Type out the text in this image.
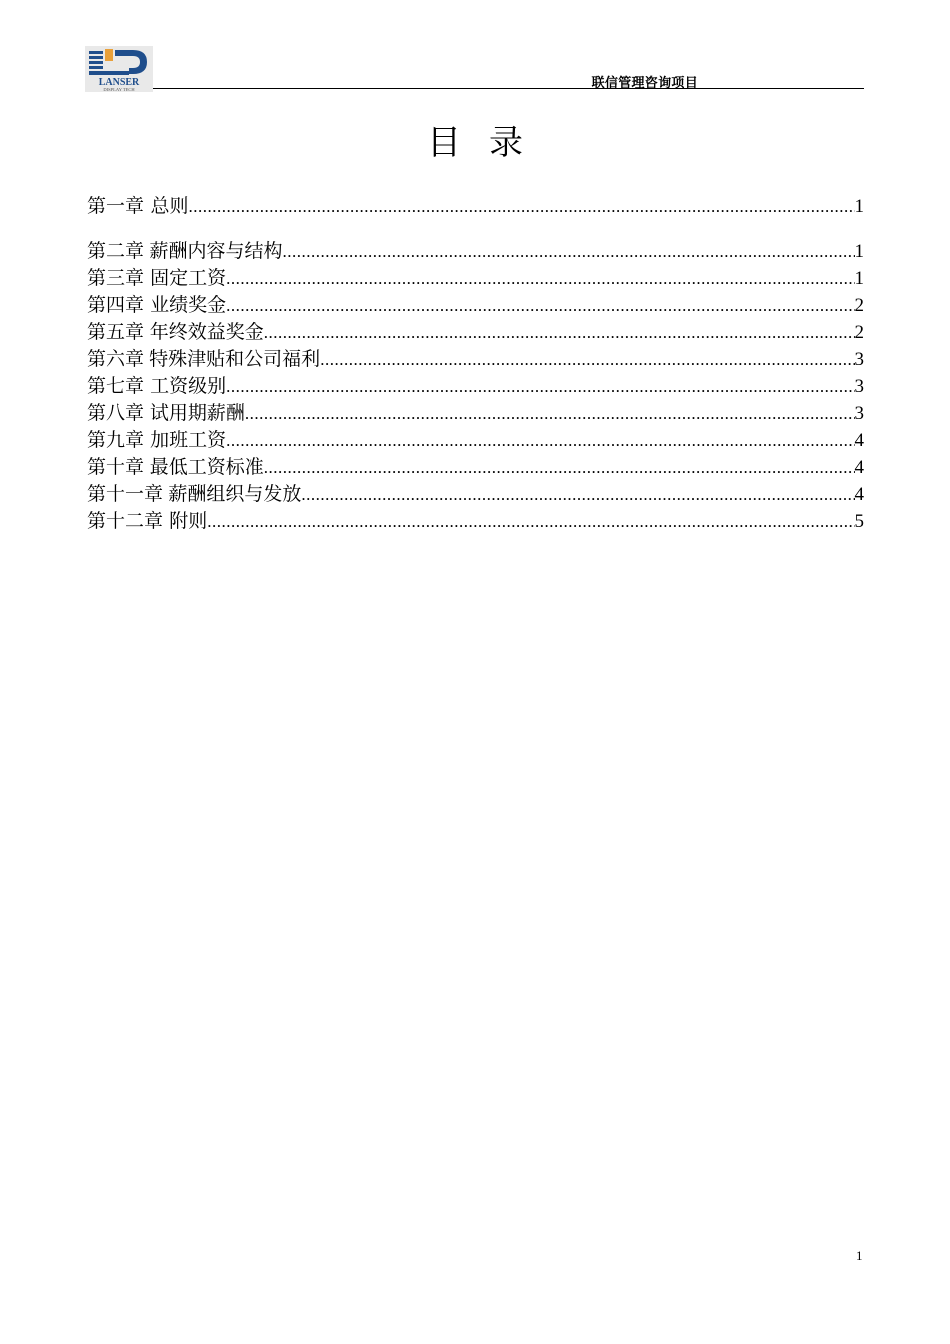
LANSER
DISPLAY TECH	联信管理咨询项目
目录
第一章 总则 .....	1
第二章 薪酬内容与结构 .....	1
第三章 固定工资 .....	1
第四章 业绩奖金 .....	2
第五章 年终效益奖金 .....	2
第六章 特殊津贴和公司福利 .....	3
第七章 工资级别 .....	3
第八章 试用期薪酬 .....	3
第九章 加班工资 .....	4
第十章 最低工资标准 .....	4
第十一章 薪酬组织与发放 .....	4
第十二章 附则 .....	5
1
